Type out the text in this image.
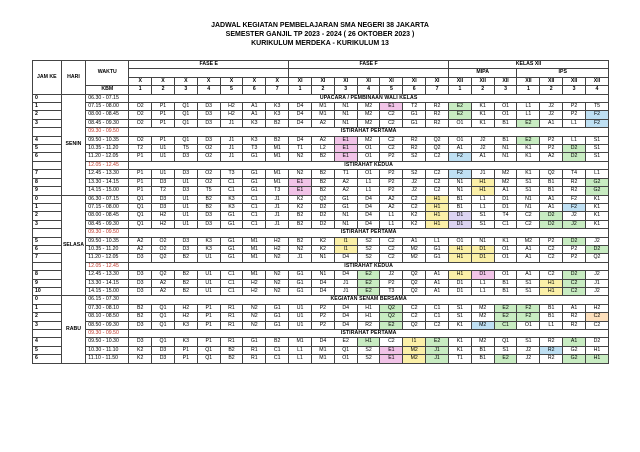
JADWAL KEGIATAN PEMBELAJARAN SMA NEGERI 38 JAKARTA
SEMESTER GANJIL TP 2023 - 2024 ( 26 OKTOBER 2023 )
KURIKULUM MERDEKA - KURIKULUM 13
JAM KE	HARI	WAKTU	FASE E							FASE F							KELAS XII						
																	MIPA			IPS			
			X	X	X	X	X	X	X	XI	XI	XI	XI	XI	XI	XI	XII	XII	XII	XII	XII	XII	XII
		KBM	1	2	3	4	5	6	7	1	2	3	4	5	6	7	1	2	3	1	2	3	4
0	SENIN	06.30 - 07.15	UPACARA / PEMBINAAN WALI KELAS																				
1		07.15 - 08.00	O2	P1	Q1	D3	H2	A1	K3	D4	M1	N1	M2	E1	T2	R2	E2	K1	O1	L1	J2	P2	T5
2		08.00 - 08.45	O2	P1	Q1	D3	H2	A1	K3	D4	M1	N1	M2	C2	G1	R2	E2	K1	O1	L1	J2	P2	F2
3		08.45 - 09.30	O2	P1	Q1	D3	J1	K3	B2	D4	A2	N1	M2	C2	G1	R2	O1	K1	B1	E2	A1	L1	F2
		09.30 - 09.50	ISTIRAHAT PERTAMA																				
4		09.50 - 10.35	O2	P1	Q1	D3	J1	K3	B2	D4	A2	E1	M2	C2	R2	Q2	O1	J2	B1	E2	P2	L1	S1
5		10.35 - 11.20	T2	U1	T5	O2	J1	T3	M1	T1	L2	E1	O1	C2	R2	Q2	A1	J2	N1	K1	P2	D2	S1
6		11.20 - 12.05	P1	U1	D3	O2	J1	G1	M1	N2	B2	E1	O1	P2	S2	C2	F2	A1	N1	K1	A2	D2	S1
		12.05 - 12.45	ISTIRAHAT KEDUA																				
7		12.45 - 13.30	P1	U1	D3	O2	T3	G1	M1	N2	B2	T1	O1	P2	S2	C2	F2	J1	M2	K1	Q2	T4	L1
8		13.30 - 14.15	P1	D3	U1	O2	C1	G1	M1	E1	B2	A2	L1	P2	J2	C2	N1	H1	M2	S1	B1	R2	G2
9		14.15 - 15.00	P1	T2	D3	T5	C1	G1	T3	E1	B2	A2	L1	P2	J2	C2	N1	H1	A1	S1	B1	R2	G2
0	SELASA	06.30 - 07.15	Q1	D3	U1	B2	K3	C1	J1	K2	Q2	G1	D4	A2	C2	H1	B1	L1	D1	N1	A1	F2	K1
1		07.15 - 08.00	Q1	D3	U1	B2	K3	C1	J1	K2	D2	G1	D4	A2	C2	H1	B1	L1	D1	N1	A1	F2	K1
2		08.00 - 08.45	Q1	H2	U1	D3	G1	C1	J1	B2	D2	N1	D4	L1	K2	H1	D1	S1	T4	C2	D2	J2	K1
3		08.45 - 09.30	Q1	H2	U1	D3	G1	C1	J1	B2	D2	N1	D4	L1	K2	H1	D1	S1	C1	C2	D2	J2	K1
		09.30 - 09.50	ISTIRAHAT PERTAMA																				
5		09.50 - 10.35	A2	O2	D3	K3	G1	M1	H2	B2	K2	I1	S2	C2	A1	L1	O1	N1	K1	M2	P2	D2	J2
6		10.35 - 11.20	A2	O2	D3	K3	G1	M1	H2	N2	K2	I1	S2	C2	M2	G1	H1	D1	O1	A1	C2	P2	D2
7		11.20 - 12.05	D3	Q2	B2	U1	G1	M1	N2	J1	N1	D4	S2	C2	M2	G1	H1	D1	O1	A1	C2	P2	Q2
		12.05 - 12.45	ISTIRAHAT KEDUA																				
8		12.45 - 13.30	D3	Q2	B2	U1	C1	M1	N2	G1	N1	D4	E2	J2	Q2	A1	H1	D1	O1	A1	C2	D2	J2
9		13.30 - 14.15	D3	A2	B2	U1	C1	H2	N2	G1	D4	J1	E2	P2	Q2	A1	D1	L1	B1	S1	H1	C2	J1
10		14.15 - 15.00	D3	A2	B2	U1	C1	H2	N2	G1	D4	J1	E2	T3	Q2	A1	D1	L1	B1	S1	H1	C2	J2
0	RABU	06.15 - 07.30	KEGIATAN SENAM BERSAMA																				
1		07.30 - 08.10	B2	Q1	H2	P1	R1	N2	G1	U1	P2	D4	H1	Q2	C2	C1	S1	M2	E2	F2	B1	A1	H2
2		08.10 - 08.50	B2	Q1	H2	P1	R1	N2	G1	U1	P2	D4	H1	Q2	C2	C1	S1	M2	E2	F2	B1	R2	C2
3		08.50 - 09.30	D3	Q1	K3	P1	R1	N2	G1	U1	P2	D4	R2	E2	Q2	C2	K1	M2	C1	O1	L1	R2	C2
		09.30 - 09.50	ISTIRAHAT PERTAMA																				
4		09.50 - 10.30	D3	Q1	K3	P1	R1	G1	B2	M1	D4	E2	H1	C2	I1	E2	K1	M2	Q1	S1	R2	A1	D2
5		10.30 - 11.10	K2	D3	P1	Q1	B2	R1	C1	L1	M1	Q1	S2	E1	M2	J1	K1	B1	S1	J2	R2	G2	H1
6		11.10 - 11.50	K2	D3	P1	Q1	B2	R1	C1	L1	M1	O1	S2	E1	M2	J1	T1	B1	E2	J2	R2	G2	H1
